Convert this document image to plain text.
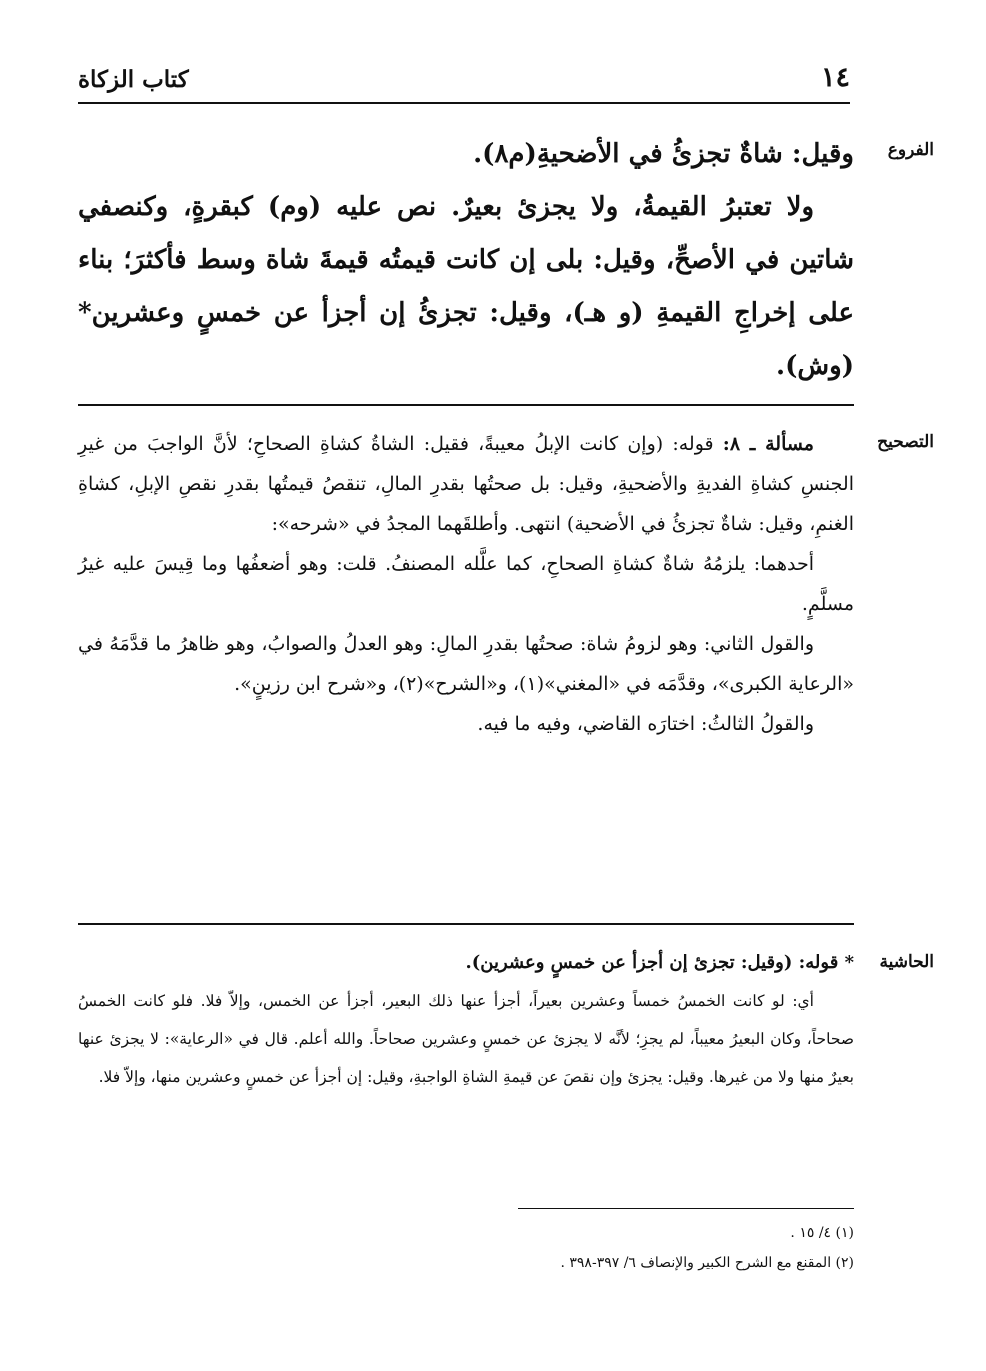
١٤
كتاب الزكاة
الفروع

وقيل: شاةٌ تجزئُ في الأضحيةِ(م٨).

ولا تعتبرُ القيمةُ، ولا يجزئ بعيرٌ. نص عليه (وم) كبقرةٍ، وكنصفي شاتين في الأصحِّ، وقيل: بلى إن كانت قيمتُه قيمةَ شاة وسط فأكثرَ؛ بناء على إخراجِ القيمةِ (و هـ)، وقيل: تجزئُ إن أجزأ عن خمسٍ وعشرين* (وش).

التصحيح

مسألة ـ ٨: قوله: (وإن كانت الإبلُ معيبةً، فقيل: الشاةُ كشاةِ الصحاحِ؛ لأنَّ الواجبَ من غيرِ الجنسِ كشاةِ الفديةِ والأضحيةِ، وقيل: بل صحتُها بقدرِ المالِ، تنقصُ قيمتُها بقدرِ نقصِ الإبلِ، كشاةِ الغنمِ، وقيل: شاةٌ تجزئُ في الأضحية) انتهى. وأطلقَهما المجدُ في «شرحه»:

أحدهما: يلزمُهُ شاةٌ كشاةِ الصحاحِ، كما علَّله المصنفُ. قلت: وهو أضعفُها وما قِيسَ عليه غيرُ مسلَّمٍ.

والقول الثاني: وهو لزومُ شاة: صحتُها بقدرِ المالِ: وهو العدلُ والصوابُ، وهو ظاهرُ ما قدَّمَهُ في «الرعاية الكبرى»، وقدَّمَه في «المغني»(١)، و«الشرح»(٢)، و«شرح ابن رزينٍ».

والقولُ الثالثُ: اختارَه القاضي، وفيه ما فيه.

الحاشية

* قوله: (وقيل: تجزئ إن أجزأ عن خمسٍ وعشرين).

أي: لو كانت الخمسُ خمساً وعشرين بعيراً، أجزأ عنها ذلك البعير، أجزأ عن الخمس، وإلاّ فلا. فلو كانت الخمسُ صحاحاً، وكان البعيرُ معيباً، لم يجزِ؛ لأنَّه لا يجزئ عن خمسٍ وعشرين صحاحاً. والله أعلم. قال في «الرعاية»: لا يجزئ عنها بعيرٌ منها ولا من غيرها. وقيل: يجزئ وإن نقصَ عن قيمةِ الشاةِ الواجبةِ، وقيل: إن أجزأ عن خمسٍ وعشرين منها، وإلاّ فلا.

(١) ٤/ ١٥ .

(٢) المقنع مع الشرح الكبير والإنصاف ٦/ ٣٩٧-٣٩٨ .
